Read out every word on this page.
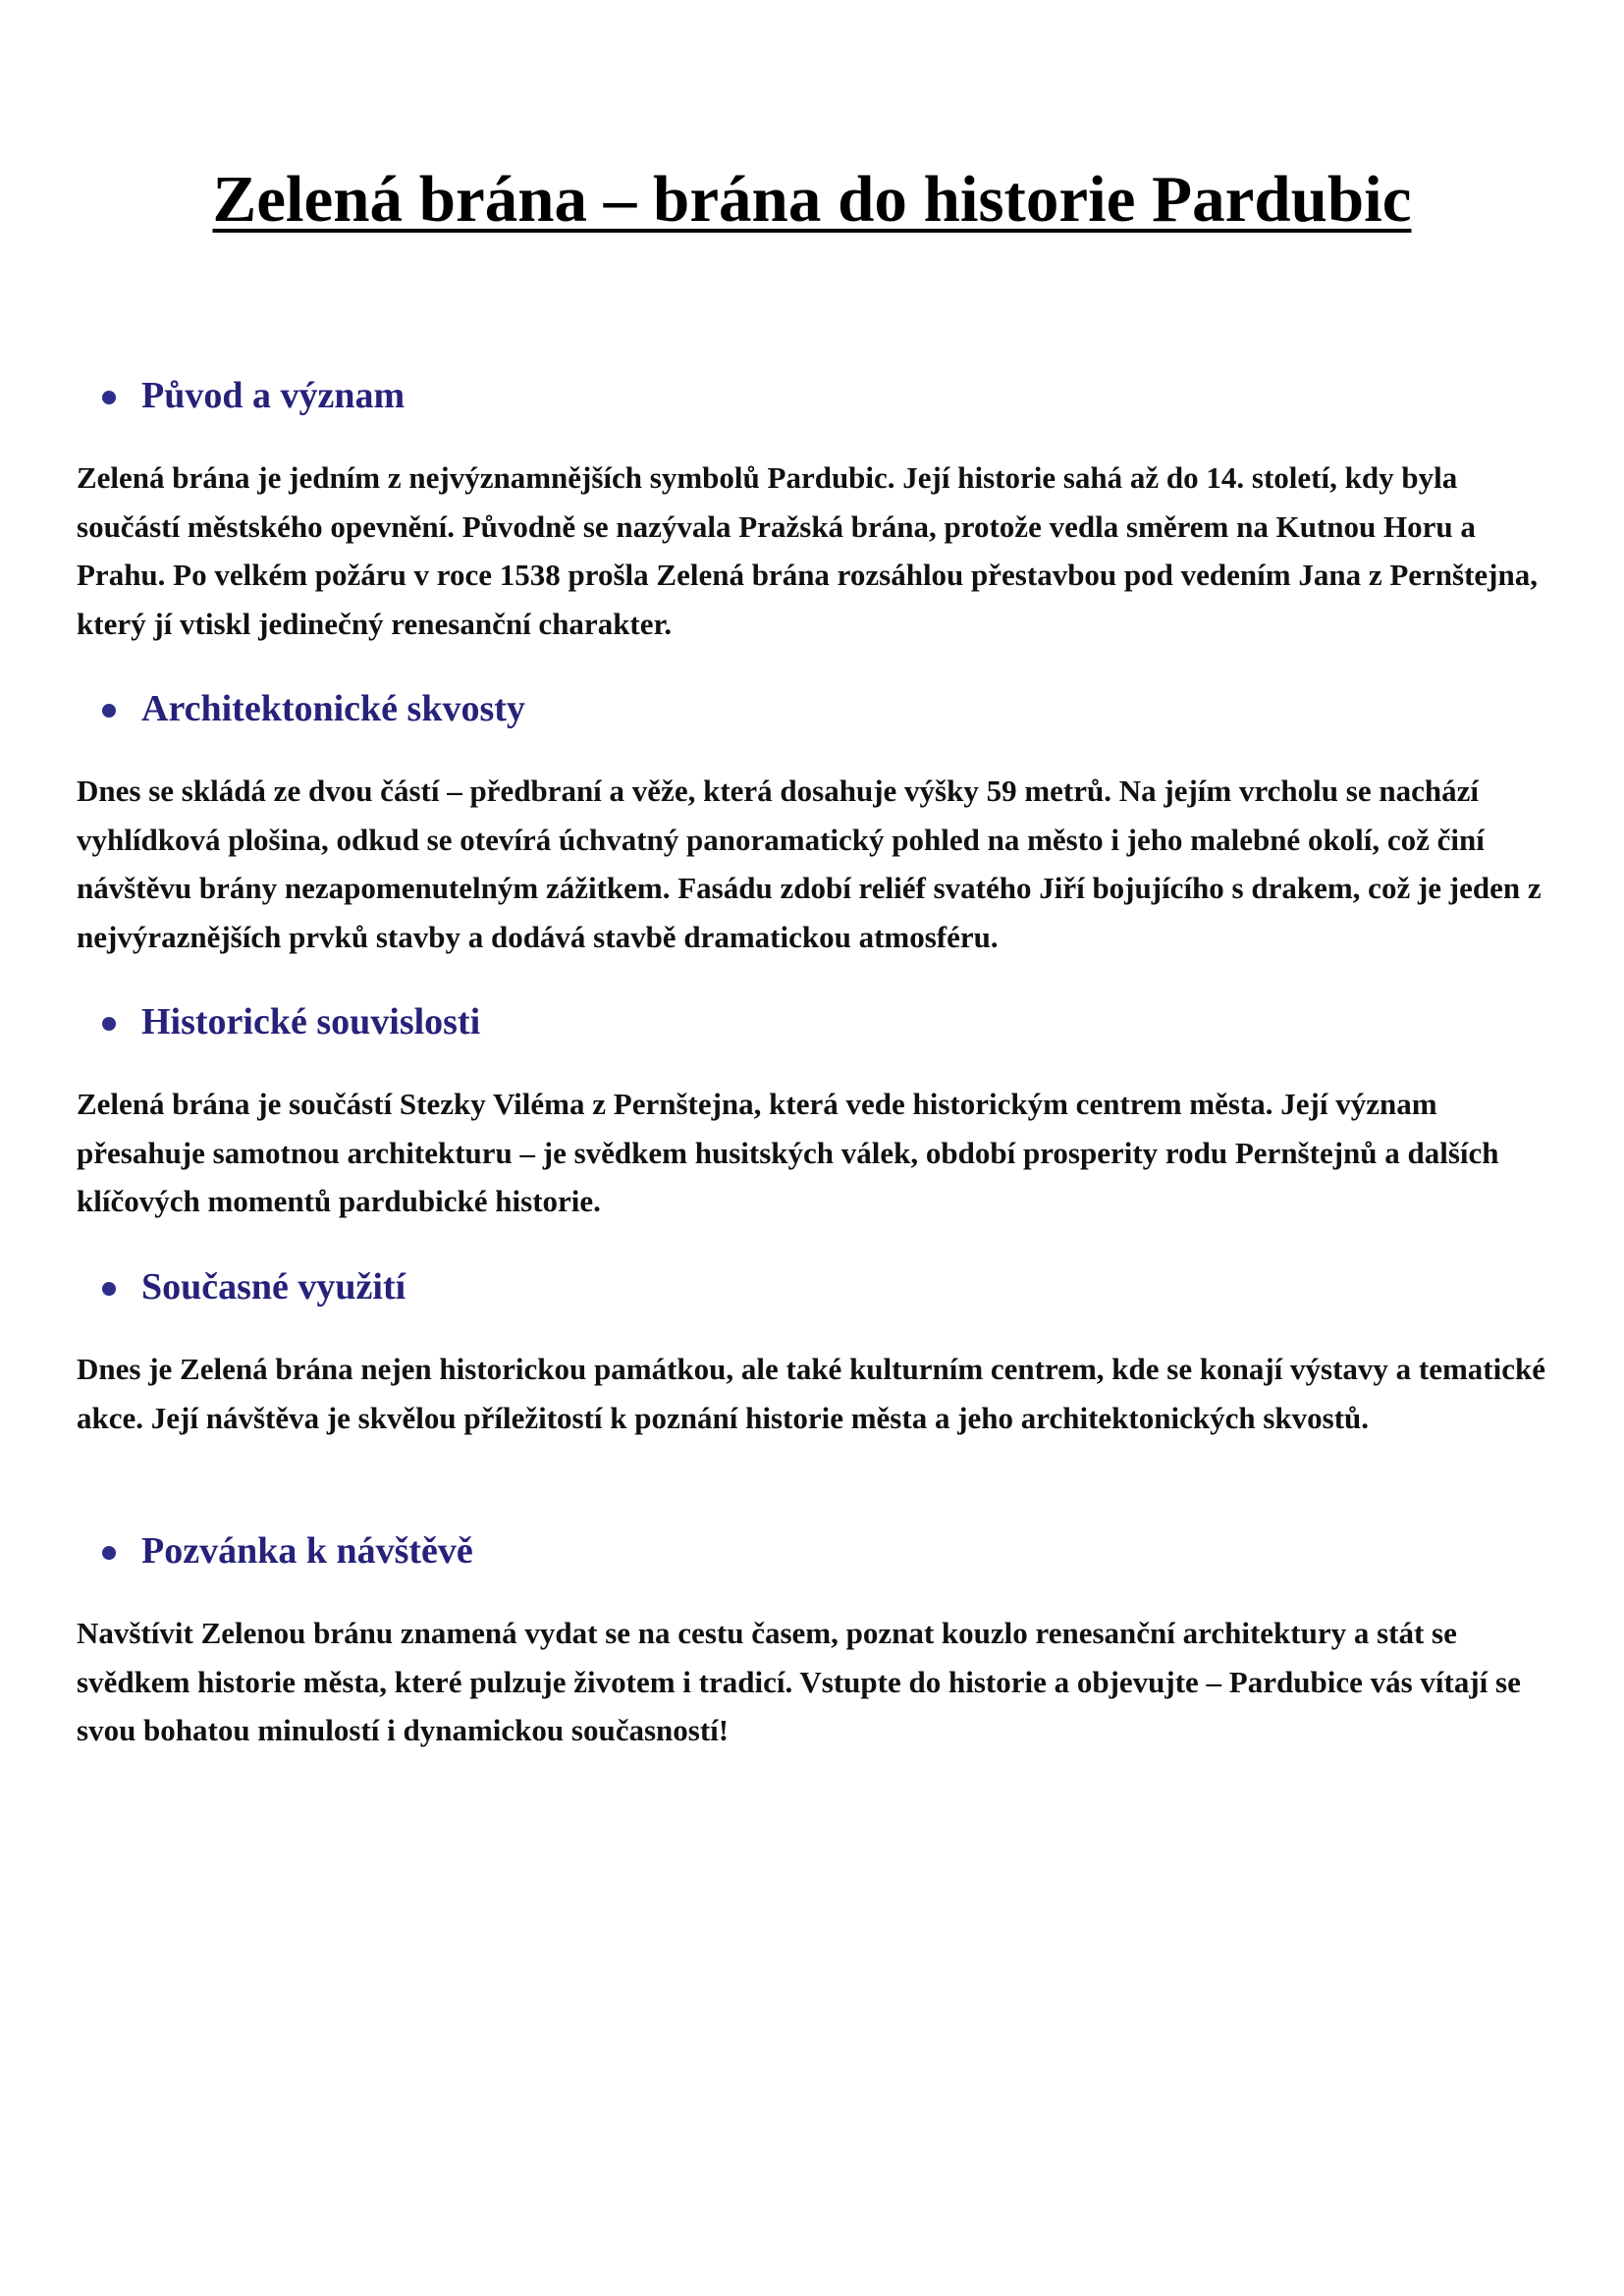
Zelená brána – brána do historie Pardubic
Původ a význam

Zelená brána je jedním z nejvýznamnějších symbolů Pardubic. Její historie sahá až do 14. století, kdy byla součástí městského opevnění. Původně se nazývala Pražská brána, protože vedla směrem na Kutnou Horu a Prahu. Po velkém požáru v roce 1538 prošla Zelená brána rozsáhlou přestavbou pod vedením Jana z Pernštejna, který jí vtiskl jedinečný renesanční charakter.

Architektonické skvosty

Dnes se skládá ze dvou částí – předbraní a věže, která dosahuje výšky 59 metrů. Na jejím vrcholu se nachází vyhlídková plošina, odkud se otevírá úchvatný panoramatický pohled na město i jeho malebné okolí, což činí návštěvu brány nezapomenutelným zážitkem. Fasádu zdobí reliéf svatého Jiří bojujícího s drakem, což je jeden z nejvýraznějších prvků stavby a dodává stavbě dramatickou atmosféru.

Historické souvislosti

Zelená brána je součástí Stezky Viléma z Pernštejna, která vede historickým centrem města. Její význam přesahuje samotnou architekturu – je svědkem husitských válek, období prosperity rodu Pernštejnů a dalších klíčových momentů pardubické historie.

Současné využití

Dnes je Zelená brána nejen historickou památkou, ale také kulturním centrem, kde se konají výstavy a tematické akce. Její návštěva je skvělou příležitostí k poznání historie města a jeho architektonických skvostů.

Pozvánka k návštěvě

Navštívit Zelenou bránu znamená vydat se na cestu časem, poznat kouzlo renesanční architektury a stát se svědkem historie města, které pulzuje životem i tradicí. Vstupte do historie a objevujte – Pardubice vás vítají se svou bohatou minulostí i dynamickou současností!
